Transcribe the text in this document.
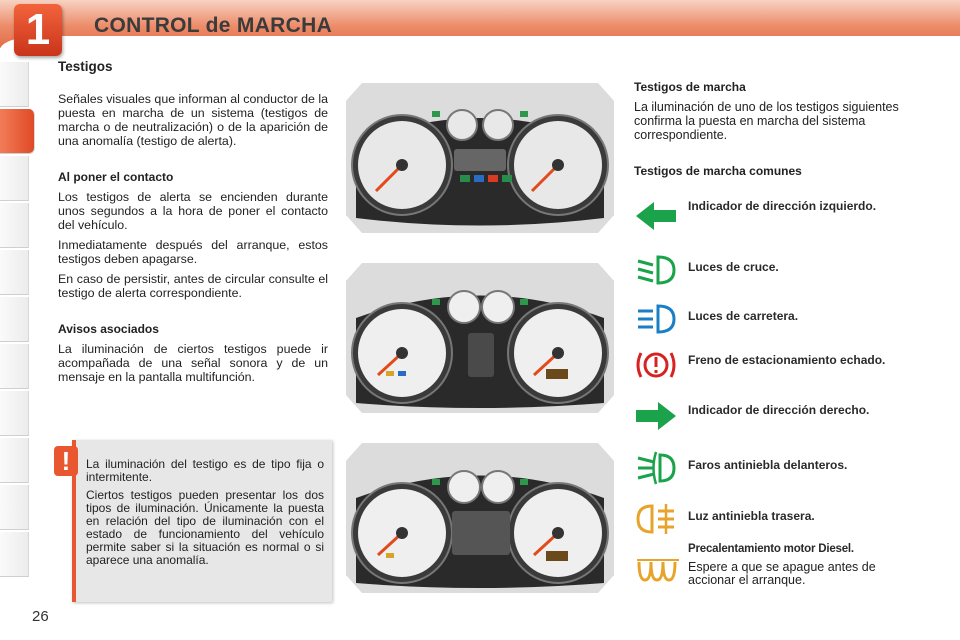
1	CONTROL de MARCHA
Testigos

Señales visuales que informan al conductor de la puesta en marcha de un sistema (testigos de marcha o de neutralización) o de la aparición de una anomalía (testigo de alerta).

Al poner el contacto

Los testigos de alerta se encienden durante unos segundos a la hora de poner el contacto del vehículo.

Inmediatamente después del arranque, estos testigos deben apagarse.

En caso de persistir, antes de circular consulte el testigo de alerta correspondiente.

Avisos asociados

La iluminación de ciertos testigos puede ir acompañada de una señal sonora y de un mensaje en la pantalla multifunción.

La iluminación del testigo es de tipo fija o intermitente.

Ciertos testigos pueden presentar los dos tipos de iluminación. Únicamente la puesta en relación del tipo de iluminación con el estado de funcionamiento del vehículo permite saber si la situación es normal o si aparece una anomalía.

!
Testigos de marcha

La iluminación de uno de los testigos siguientes confirma la puesta en marcha del sistema correspondiente.

Testigos de marcha comunes
Indicador de dirección izquierdo.
Luces de cruce.
Luces de carretera.
Freno de estacionamiento echado.
Indicador de dirección derecho.
Faros antiniebla delanteros.
Luz antiniebla trasera.
Precalentamiento motor Diesel.
Espere a que se apague antes de accionar el arranque.
26
